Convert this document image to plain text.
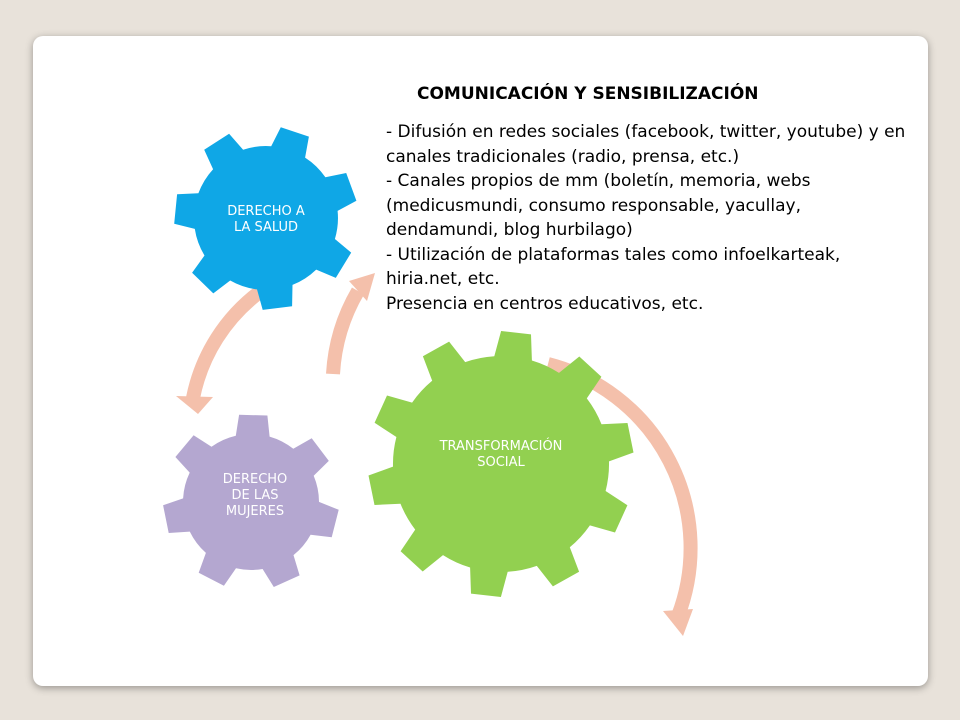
DERECHO A
LA SALUD
TRANSFORMACIÓN
SOCIAL
DERECHO
DE LAS
MUJERES
COMUNICACIÓN Y SENSIBILIZACIÓN
- Difusión en redes sociales (facebook, twitter, youtube) y en canales tradicionales (radio, prensa, etc.)
- Canales propios de mm (boletín, memoria, webs (medicusmundi, consumo responsable, yacullay, dendamundi, blog hurbilago)
- Utilización de plataformas tales como infoelkarteak, hiria.net, etc.
Presencia en centros educativos, etc.
